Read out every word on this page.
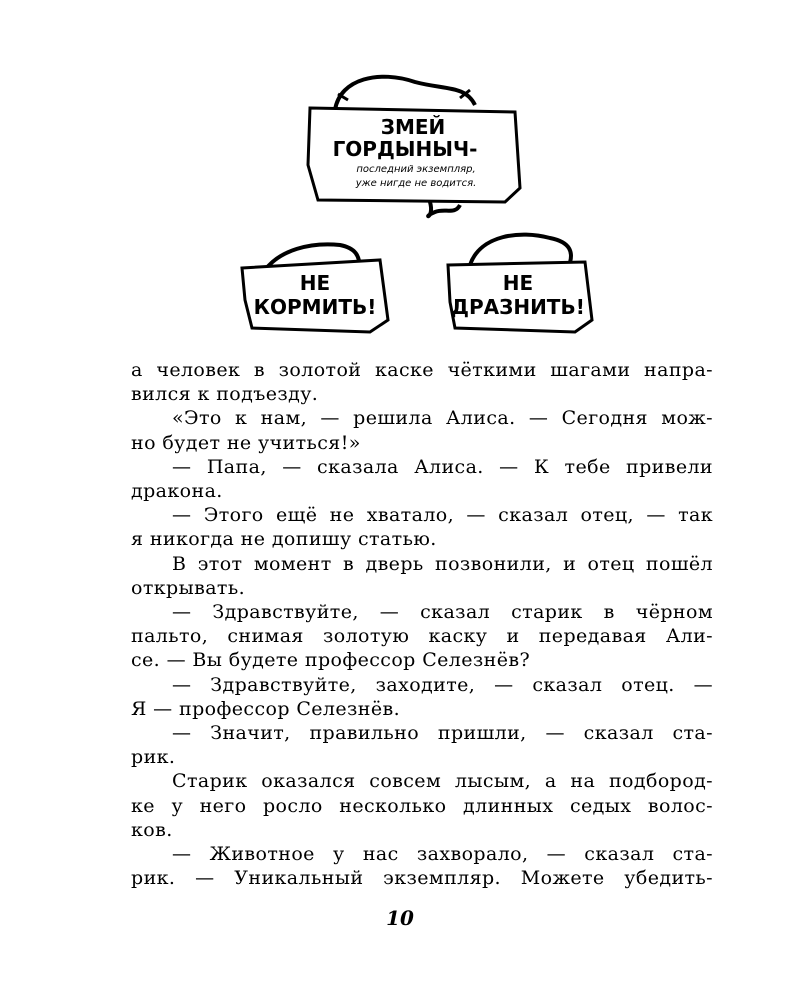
ЗМЕЙ
ГОРДЫНЫЧ-
последний экземпляр,
уже нигде не водится.
НЕ
КОРМИТЬ!
НЕ
ДРАЗНИТЬ!

а человек в золотой каске чёткими шагами напра-
вился к подъезду.

«Это к нам, — решила Алиса. — Сегодня мож-
но будет не учиться!»

— Папа, — сказала Алиса. — К тебе привели
дракона.

— Этого ещё не хватало, — сказал отец, — так
я никогда не допишу статью.

В этот момент в дверь позвонили, и отец пошёл
открывать.

— Здравствуйте, — сказал старик в чёрном
пальто, снимая золотую каску и передавая Али-
се. — Вы будете профессор Селезнёв?

— Здравствуйте, заходите, — сказал отец. —
Я — профессор Селезнёв.

— Значит, правильно пришли, — сказал ста-
рик.

Старик оказался совсем лысым, а на подбород-
ке у него росло несколько длинных седых волос-
ков.

— Животное у нас захворало, — сказал ста-
рик. — Уникальный экземпляр. Можете убедить-

10
